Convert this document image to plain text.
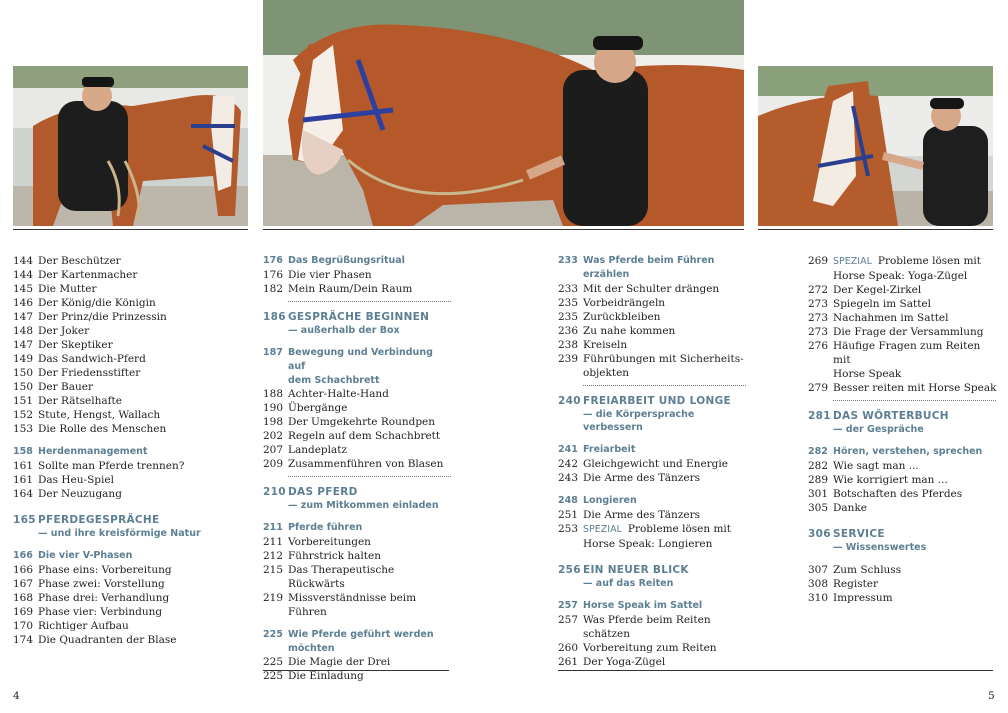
144 Der Beschützer
144 Der Kartenmacher
145 Die Mutter
146 Der König/die Königin
147 Der Prinz/die Prinzessin
148 Der Joker
147 Der Skeptiker
149 Das Sandwich-Pferd
150 Der Friedensstifter
150 Der Bauer
151 Der Rätselhafte
152 Stute, Hengst, Wallach
153 Die Rolle des Menschen
158 Herdenmanagement
161 Sollte man Pferde trennen?
161 Das Heu-Spiel
164 Der Neuzugang
165 PFERDEGESPRÄCHE
— und ihre kreisförmige Natur
166 Die vier V-Phasen
166 Phase eins: Vorbereitung
167 Phase zwei: Vorstellung
168 Phase drei: Verhandlung
169 Phase vier: Verbindung
170 Richtiger Aufbau
174 Die Quadranten der Blase
176 Das Begrüßungsritual
176 Die vier Phasen
182 Mein Raum/Dein Raum
186 GESPRÄCHE BEGINNEN
— außerhalb der Box
187 Bewegung und Verbindung auf
dem Schachbrett
188 Achter-Halte-Hand
190 Übergänge
198 Der Umgekehrte Roundpen
202 Regeln auf dem Schachbrett
207 Landeplatz
209 Zusammenführen von Blasen
210 DAS PFERD
— zum Mitkommen einladen
211 Pferde führen
211 Vorbereitungen
212 Führstrick halten
215 Das Therapeutische Rückwärts
219 Missverständnisse beim Führen
225 Wie Pferde geführt werden
möchten
225 Die Magie der Drei
225 Die Einladung
233 Was Pferde beim Führen erzählen
233 Mit der Schulter drängen
235 Vorbeidrängeln
235 Zurückbleiben
236 Zu nahe kommen
238 Kreiseln
239 Führübungen mit Sicherheits-
objekten
240 FREIARBEIT UND LONGE
— die Körpersprache verbessern
241 Freiarbeit
242 Gleichgewicht und Energie
243 Die Arme des Tänzers
248 Longieren
251 Die Arme des Tänzers
253 SPEZIAL Probleme lösen mit
Horse Speak: Longieren
256 EIN NEUER BLICK
— auf das Reiten
257 Horse Speak im Sattel
257 Was Pferde beim Reiten schätzen
260 Vorbereitung zum Reiten
261 Der Yoga-Zügel
269 SPEZIAL Probleme lösen mit
Horse Speak: Yoga-Zügel
272 Der Kegel-Zirkel
273 Spiegeln im Sattel
273 Nachahmen im Sattel
273 Die Frage der Versammlung
276 Häufige Fragen zum Reiten mit
Horse Speak
279 Besser reiten mit Horse Speak
281 DAS WÖRTERBUCH
— der Gespräche
282 Hören, verstehen, sprechen
282 Wie sagt man ...
289 Wie korrigiert man ...
301 Botschaften des Pferdes
305 Danke
306 SERVICE
— Wissenswertes
307 Zum Schluss
308 Register
310 Impressum
4	5
